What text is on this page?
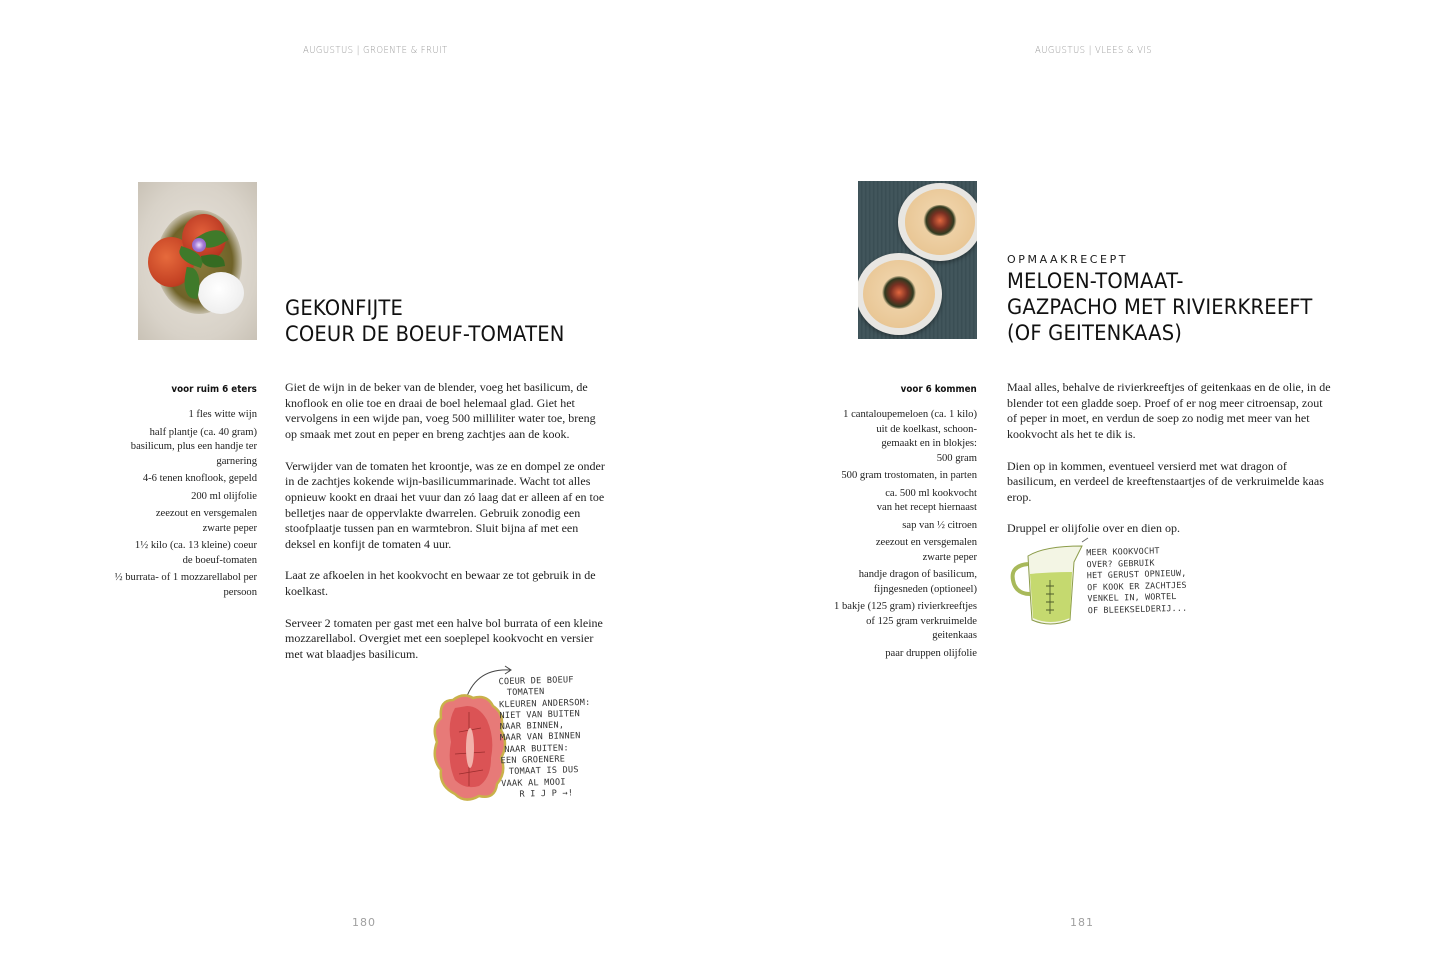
AUGUSTUS | GROENTE & FRUIT
GEKONFIJTE
COEUR DE BOEUF-TOMATEN
voor ruim 6 eters
1 fles witte wijn
half plantje (ca. 40 gram) basilicum, plus een handje ter garnering
4-6 tenen knoflook, gepeld
200 ml olijfolie
zeezout en versgemalen zwarte peper
1½ kilo (ca. 13 kleine) coeur de boeuf-tomaten
½ burrata- of 1 mozzarellabol per persoon

Giet de wijn in de beker van de blender, voeg het basilicum, de knoflook en olie toe en draai de boel helemaal glad. Giet het vervolgens in een wijde pan, voeg 500 milliliter water toe, breng op smaak met zout en peper en breng zachtjes aan de kook.

Verwijder van de tomaten het kroontje, was ze en dompel ze onder in de zachtjes kokende wijn-basilicummarinade. Wacht tot alles opnieuw kookt en draai het vuur dan zó laag dat er alleen af en toe belletjes naar de oppervlakte dwarrelen. Gebruik zonodig een stoofplaatje tussen pan en warmtebron. Sluit bijna af met een deksel en konfijt de tomaten 4 uur.

Laat ze afkoelen in het kookvocht en bewaar ze tot gebruik in de koelkast.

Serveer 2 tomaten per gast met een halve bol burrata of een kleine mozzarellabol. Overgiet met een soeplepel kookvocht en versier met wat blaadjes basilicum.

COEUR DE BOEUF
TOMATEN
KLEUREN ANDERSOM:
NIET VAN BUITEN
NAAR BINNEN,
MAAR VAN BINNEN
NAAR BUITEN:
EEN GROENERE
TOMAAT IS DUS
VAAK AL MOOI
R I J P →!
180
AUGUSTUS | VLEES & VIS
181
OPMAAKRECEPT
MELOEN-TOMAAT-
GAZPACHO MET RIVIERKREEFT
(OF GEITENKAAS)
voor 6 kommen
1 cantaloupemeloen (ca. 1 kilo)
uit de koelkast, schoon-
gemaakt en in blokjes:
500 gram
500 gram trostomaten, in parten
ca. 500 ml kookvocht
van het recept hiernaast
sap van ½ citroen
zeezout en versgemalen
zwarte peper
handje dragon of basilicum,
fijngesneden (optioneel)
1 bakje (125 gram) rivierkreeftjes
of 125 gram verkruimelde
geitenkaas
paar druppen olijfolie

Maal alles, behalve de rivierkreeftjes of geitenkaas en de olie, in de blender tot een gladde soep. Proef of er nog meer citroensap, zout of peper in moet, en verdun de soep zo nodig met meer van het kookvocht als het te dik is.

Dien op in kommen, eventueel versierd met wat dragon of basilicum, en verdeel de kreeftenstaartjes of de verkruimelde kaas erop.

Druppel er olijfolie over en dien op.

MEER KOOKVOCHT
OVER? GEBRUIK
HET GERUST OPNIEUW,
OF KOOK ER ZACHTJES
VENKEL IN, WORTEL
OF BLEEKSELDERIJ...
